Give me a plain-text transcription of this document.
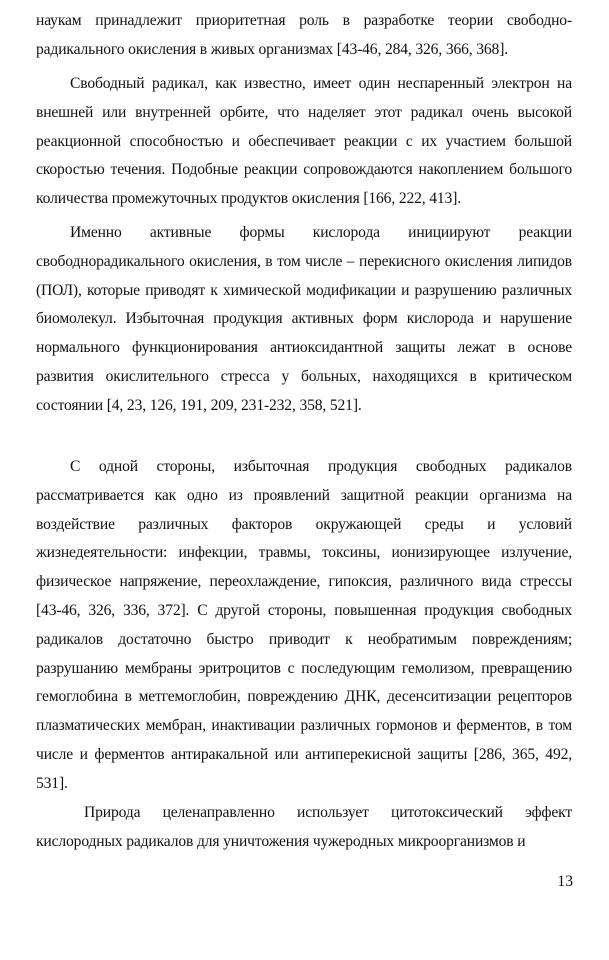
наукам принадлежит приоритетная роль в разработке теории свободно-радикального окисления в живых организмах [43-46, 284, 326, 366, 368].

Свободный радикал, как известно, имеет один неспаренный электрон на внешней или внутренней орбите, что наделяет этот радикал очень высокой реакционной способностью и обеспечивает реакции с их участием большой скоростью течения. Подобные реакции сопровождаются накоплением большого количества промежуточных продуктов окисления [166, 222, 413].

Именно активные формы кислорода инициируют реакции свободнорадикального окисления, в том числе – перекисного окисления липидов (ПОЛ), которые приводят к химической модификации и разрушению различных биомолекул. Избыточная продукция активных форм кислорода и нарушение нормального функционирования антиоксидантной защиты лежат в основе развития окислительного стресса у больных, находящихся в критическом состоянии [4, 23, 126, 191, 209, 231-232, 358, 521].

С одной стороны, избыточная продукция свободных радикалов рассматривается как одно из проявлений защитной реакции организма на воздействие различных факторов окружающей среды и условий жизнедеятельности: инфекции, травмы, токсины, ионизирующее излучение, физическое напряжение, переохлаждение, гипоксия, различного вида стрессы [43-46, 326, 336, 372]. С другой стороны, повышенная продукция свободных радикалов достаточно быстро приводит к необратимым повреждениям; разрушанию мембраны эритроцитов с последующим гемолизом, превращению гемоглобина в метгемоглобин, повреждению ДНК, десенситизации рецепторов плазматических мембран, инактивации различных гормонов и ферментов, в том числе и ферментов антиракальной или антиперекисной защиты [286, 365, 492, 531].

Природа целенаправленно использует цитотоксический эффект кислородных радикалов для уничтожения чужеродных микроорганизмов и

13
